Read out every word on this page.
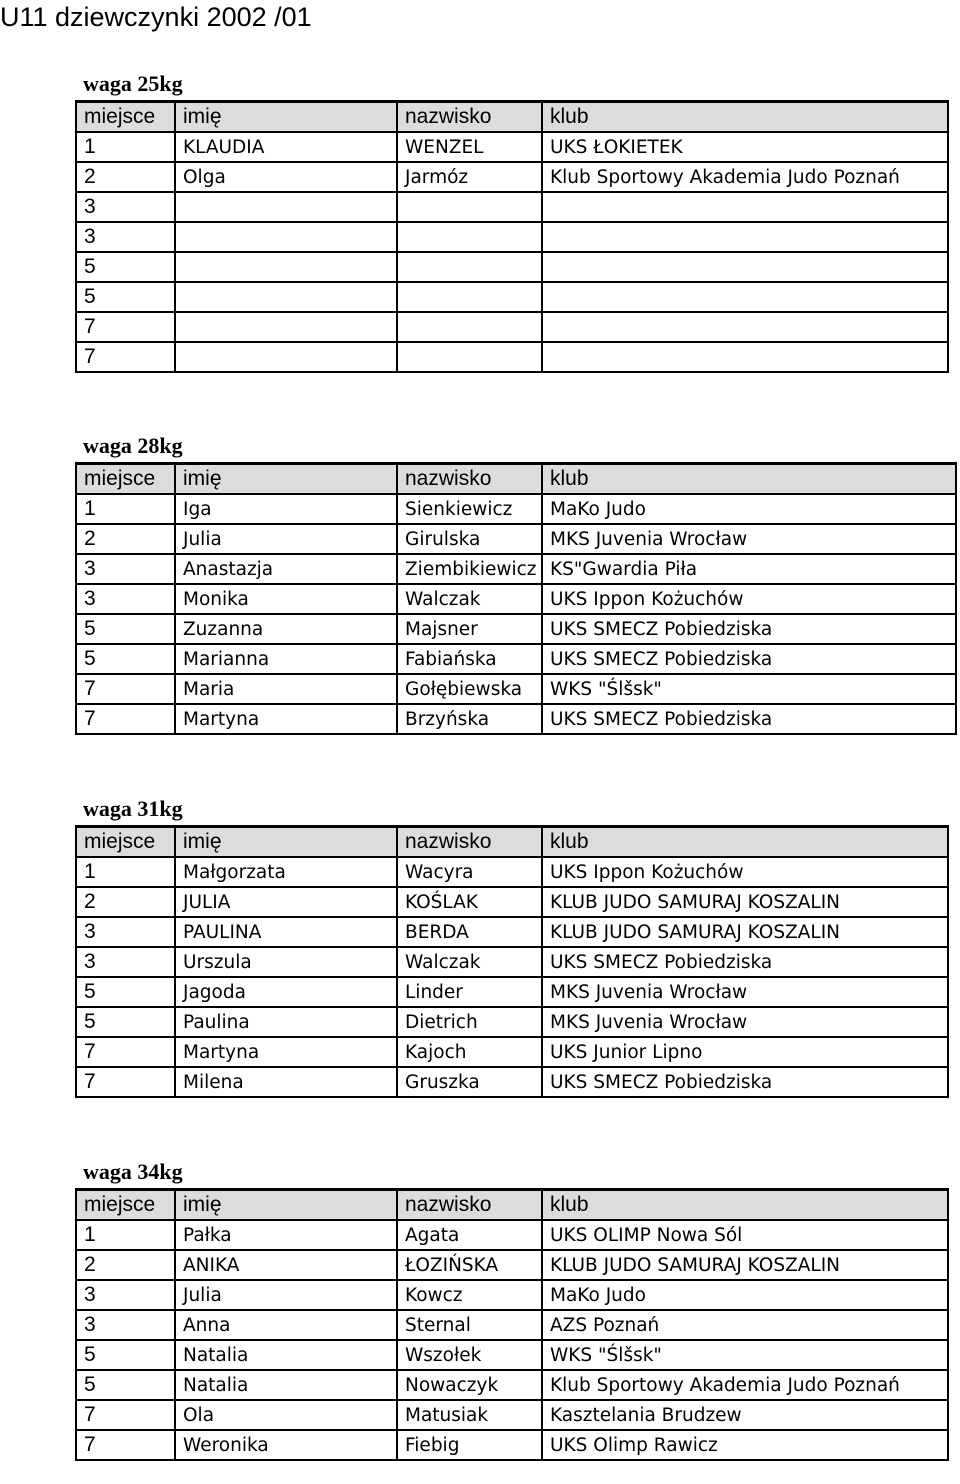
U11 dziewczynki 2002 /01
waga 25kg
miejsce	imię	nazwisko	klub
1	KLAUDIA	WENZEL	UKS ŁOKIETEK
2	Olga	Jarmóz	Klub Sportowy Akademia Judo Poznań
3			
3			
5			
5			
7			
7			
waga 28kg
miejsce	imię	nazwisko	klub
1	Iga	Sienkiewicz	MaKo Judo
2	Julia	Girulska	MKS Juvenia Wrocław
3	Anastazja	Ziembikiewicz	KS"Gwardia Piła
3	Monika	Walczak	UKS Ippon Kożuchów
5	Zuzanna	Majsner	UKS SMECZ Pobiedziska
5	Marianna	Fabiańska	UKS SMECZ Pobiedziska
7	Maria	Gołębiewska	WKS "Ślšsk"
7	Martyna	Brzyńska	UKS SMECZ Pobiedziska
waga 31kg
miejsce	imię	nazwisko	klub
1	Małgorzata	Wacyra	UKS Ippon Kożuchów
2	JULIA	KOŚLAK	KLUB JUDO SAMURAJ KOSZALIN
3	PAULINA	BERDA	KLUB JUDO SAMURAJ KOSZALIN
3	Urszula	Walczak	UKS SMECZ Pobiedziska
5	Jagoda	Linder	MKS Juvenia Wrocław
5	Paulina	Dietrich	MKS Juvenia Wrocław
7	Martyna	Kajoch	UKS Junior Lipno
7	Milena	Gruszka	UKS SMECZ Pobiedziska
waga 34kg
miejsce	imię	nazwisko	klub
1	Pałka	Agata	UKS OLIMP Nowa Sól
2	ANIKA	ŁOZIŃSKA	KLUB JUDO SAMURAJ KOSZALIN
3	Julia	Kowcz	MaKo Judo
3	Anna	Sternal	AZS Poznań
5	Natalia	Wszołek	WKS "Ślšsk"
5	Natalia	Nowaczyk	Klub Sportowy Akademia Judo Poznań
7	Ola	Matusiak	Kasztelania Brudzew
7	Weronika	Fiebig	UKS Olimp Rawicz
